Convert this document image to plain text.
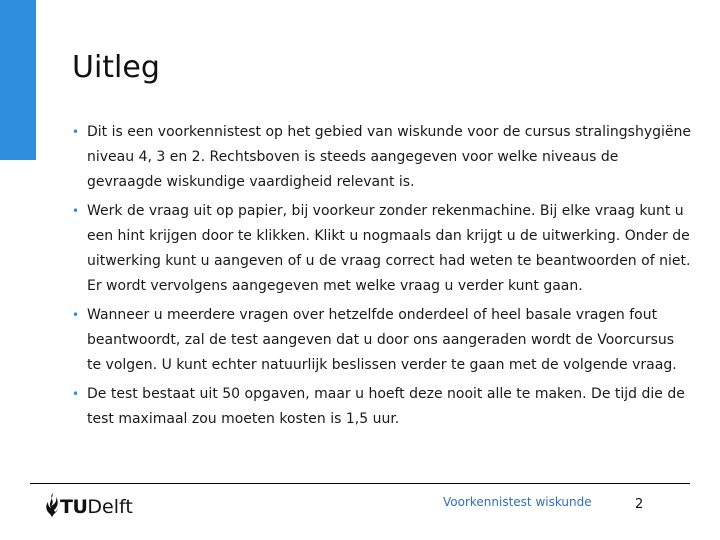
Uitleg
• Dit is een voorkennistest op het gebied van wiskunde voor de cursus stralingshygiëne niveau 4, 3 en 2. Rechtsboven is steeds aangegeven voor welke niveaus de gevraagde wiskundige vaardigheid relevant is.
• Werk de vraag uit op papier, bij voorkeur zonder rekenmachine. Bij elke vraag kunt u een hint krijgen door te klikken. Klikt u nogmaals dan krijgt u de uitwerking. Onder de uitwerking kunt u aangeven of u de vraag correct had weten te beantwoorden of niet. Er wordt vervolgens aangegeven met welke vraag u verder kunt gaan.
• Wanneer u meerdere vragen over hetzelfde onderdeel of heel basale vragen fout beantwoordt, zal de test aangeven dat u door ons aangeraden wordt de Voorcursus te volgen. U kunt echter natuurlijk beslissen verder te gaan met de volgende vraag.
• De test bestaat uit 50 opgaven, maar u hoeft deze nooit alle te maken. De tijd die de test maximaal zou moeten kosten is 1,5 uur.
TU Delft	Voorkennistest wiskunde	2
